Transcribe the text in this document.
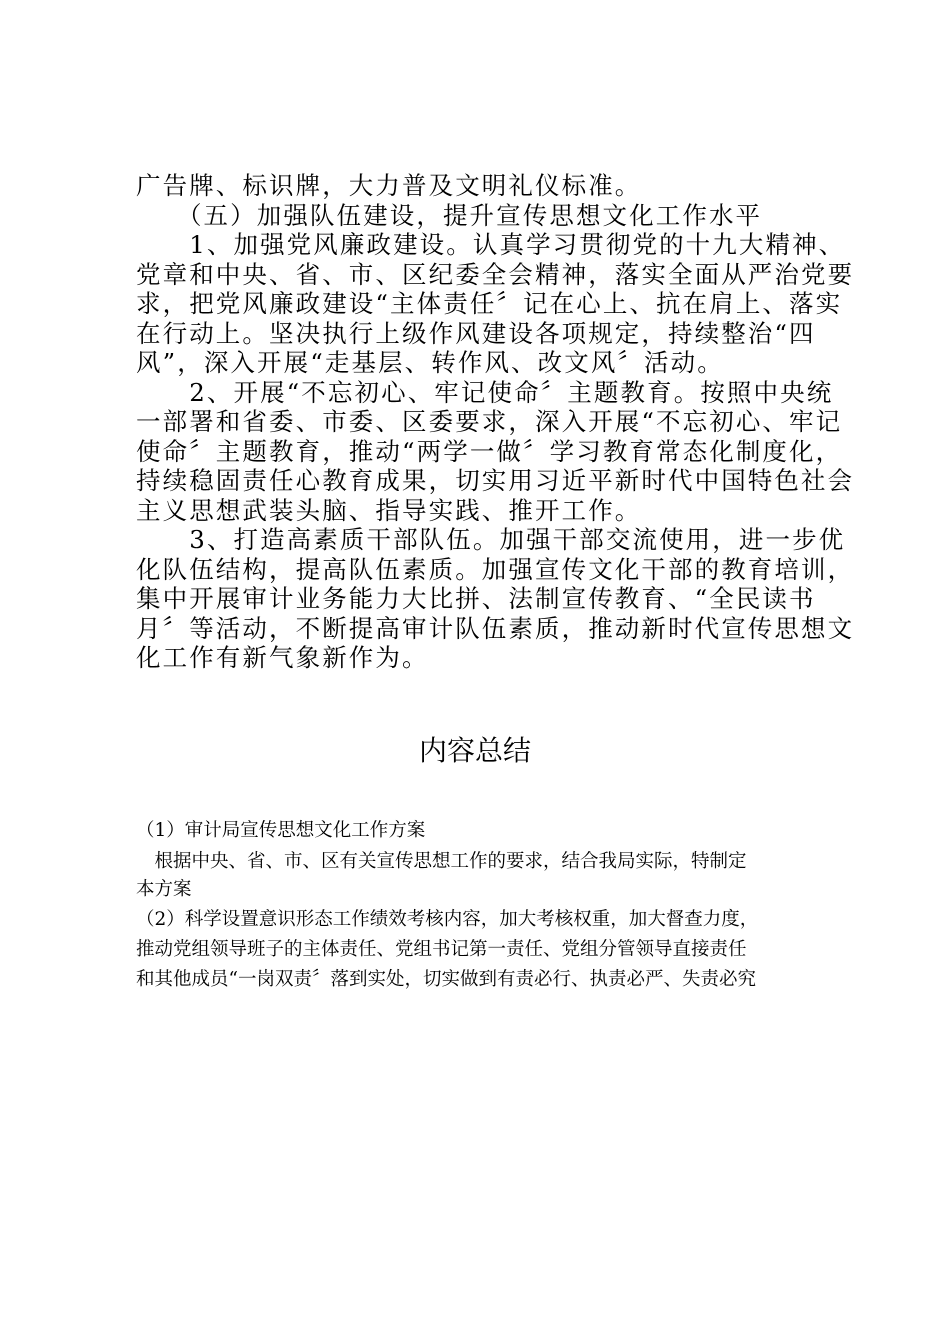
广告牌、标识牌，大力普及文明礼仪标准。
　　（五）加强队伍建设，提升宣传思想文化工作水平
　　1、加强党风廉政建设。认真学习贯彻党的十九大精神、
党章和中央、省、市、区纪委全会精神，落实全面从严治党要
求，把党风廉政建设“主体责任〞记在心上、抗在肩上、落实
在行动上。坚决执行上级作风建设各项规定，持续整治“四
风”，深入开展“走基层、转作风、改文风〞活动。
　　2、开展“不忘初心、牢记使命〞主题教育。按照中央统
一部署和省委、市委、区委要求，深入开展“不忘初心、牢记
使命〞主题教育，推动“两学一做〞学习教育常态化制度化，
持续稳固责任心教育成果，切实用习近平新时代中国特色社会
主义思想武装头脑、指导实践、推开工作。
　　3、打造高素质干部队伍。加强干部交流使用，进一步优
化队伍结构，提高队伍素质。加强宣传文化干部的教育培训，
集中开展审计业务能力大比拼、法制宣传教育、“全民读书
月〞等活动，不断提高审计队伍素质，推动新时代宣传思想文
化工作有新气象新作为。
内容总结
（1）审计局宣传思想文化工作方案
　根据中央、省、市、区有关宣传思想工作的要求，结合我局实际，特制定
本方案
（2）科学设置意识形态工作绩效考核内容，加大考核权重，加大督查力度，
推动党组领导班子的主体责任、党组书记第一责任、党组分管领导直接责任
和其他成员“一岗双责〞落到实处，切实做到有责必行、执责必严、失责必究
